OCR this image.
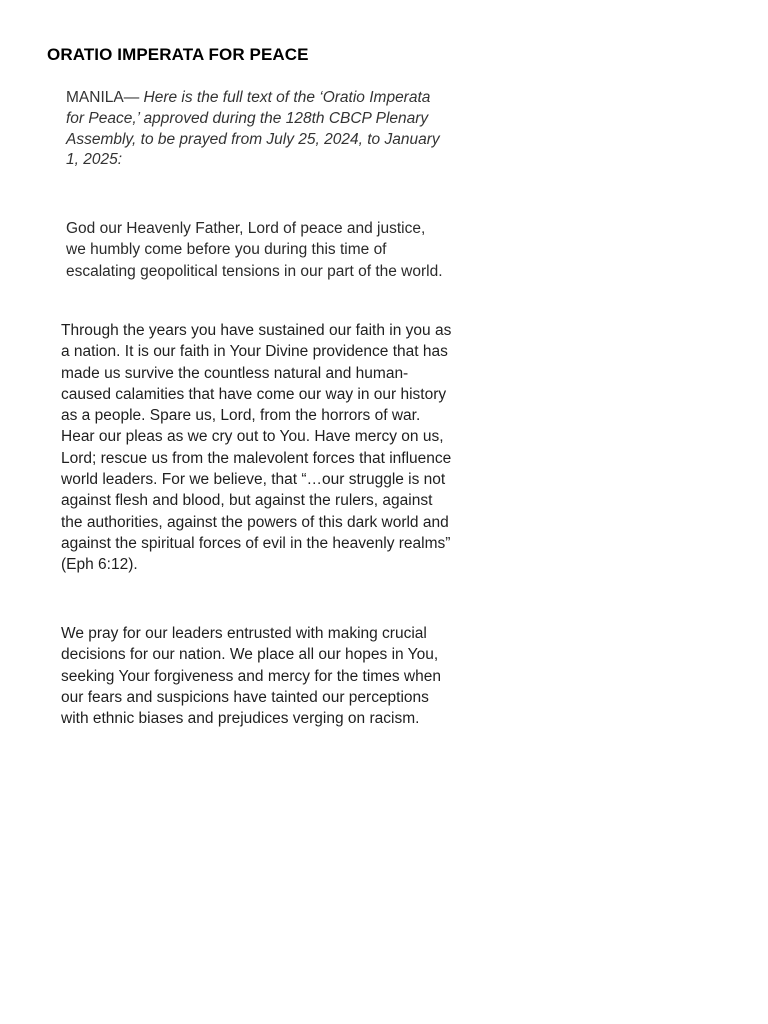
ORATIO IMPERATA FOR PEACE

MANILA— Here is the full text of the ‘Oratio Imperata for Peace,’ approved during the 128th CBCP Plenary Assembly, to be prayed from July 25, 2024, to January 1, 2025:

God our Heavenly Father, Lord of peace and justice, we humbly come before you during this time of escalating geopolitical tensions in our part of the world.

Through the years you have sustained our faith in you as a nation. It is our faith in Your Divine providence that has made us survive the countless natural and human-caused calamities that have come our way in our history as a people. Spare us, Lord, from the horrors of war. Hear our pleas as we cry out to You. Have mercy on us, Lord; rescue us from the malevolent forces that influence world leaders. For we believe, that “…our struggle is not against flesh and blood, but against the rulers, against the authorities, against the powers of this dark world and against the spiritual forces of evil in the heavenly realms” (Eph 6:12).

We pray for our leaders entrusted with making crucial decisions for our nation. We place all our hopes in You, seeking Your forgiveness and mercy for the times when our fears and suspicions have tainted our perceptions with ethnic biases and prejudices verging on racism.
